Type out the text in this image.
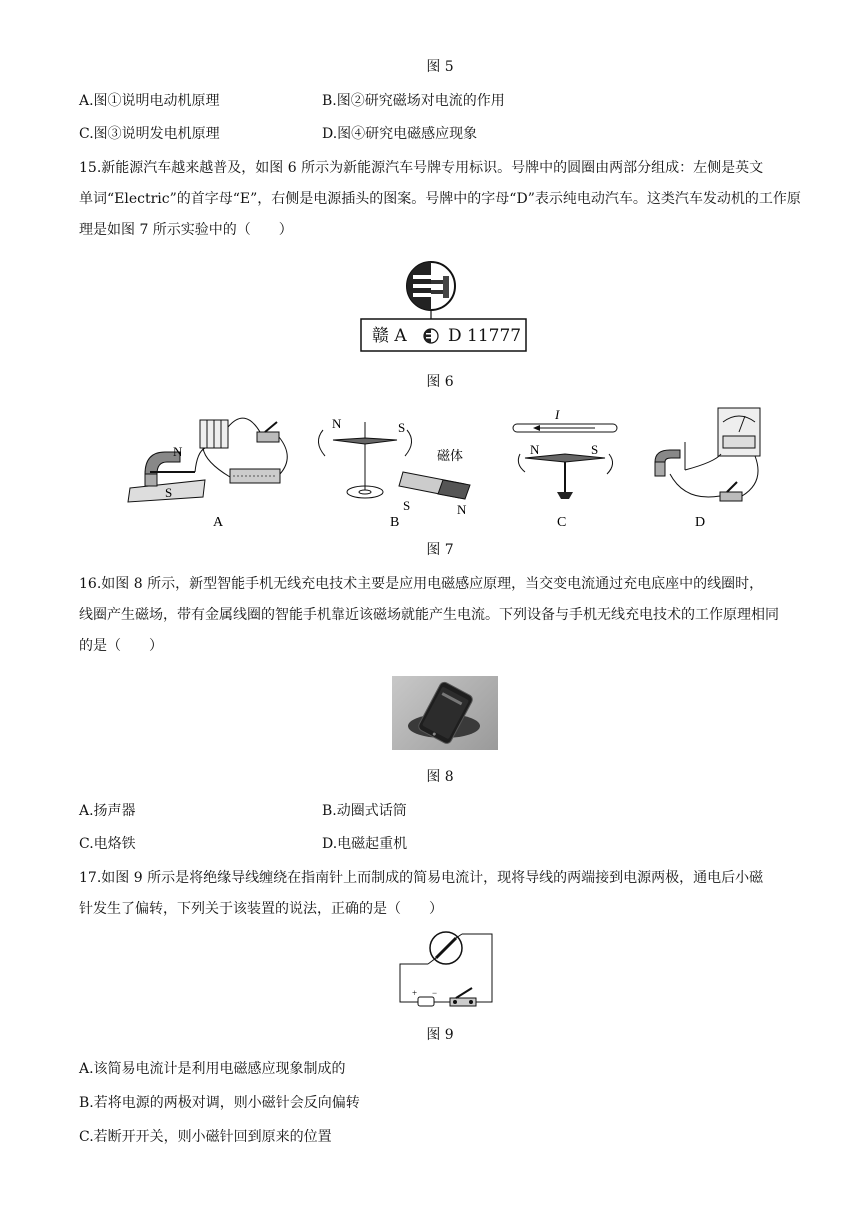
图 5
A.图①说明电动机原理	B.图②研究磁场对电流的作用
C.图③说明发电机原理	D.图④研究电磁感应现象
15.新能源汽车越来越普及，如图 6 所示为新能源汽车号牌专用标识。号牌中的圆圈由两部分组成：左侧是英文
单词“Electric”的首字母“E”，右侧是电源插头的图案。号牌中的字母“D”表示纯电动汽车。这类汽车发动机的工作原
理是如图 7 所示实验中的（　　）
赣 A D 11777
图 6
N
S
A
N	S
磁体
S	N
B
I
N	S
C	D
图 7
16.如图 8 所示，新型智能手机无线充电技术主要是应用电磁感应原理，当交变电流通过充电底座中的线圈时，
线圈产生磁场，带有金属线圈的智能手机靠近该磁场就能产生电流。下列设备与手机无线充电技术的工作原理相同
的是（　　）
图 8
A.扬声器	B.动圈式话筒
C.电烙铁	D.电磁起重机
17.如图 9 所示是将绝缘导线缠绕在指南针上而制成的简易电流计，现将导线的两端接到电源两极，通电后小磁
针发生了偏转，下列关于该装置的说法，正确的是（　　）
+ −
图 9
A.该简易电流计是利用电磁感应现象制成的
B.若将电源的两极对调，则小磁针会反向偏转
C.若断开开关，则小磁针回到原来的位置
